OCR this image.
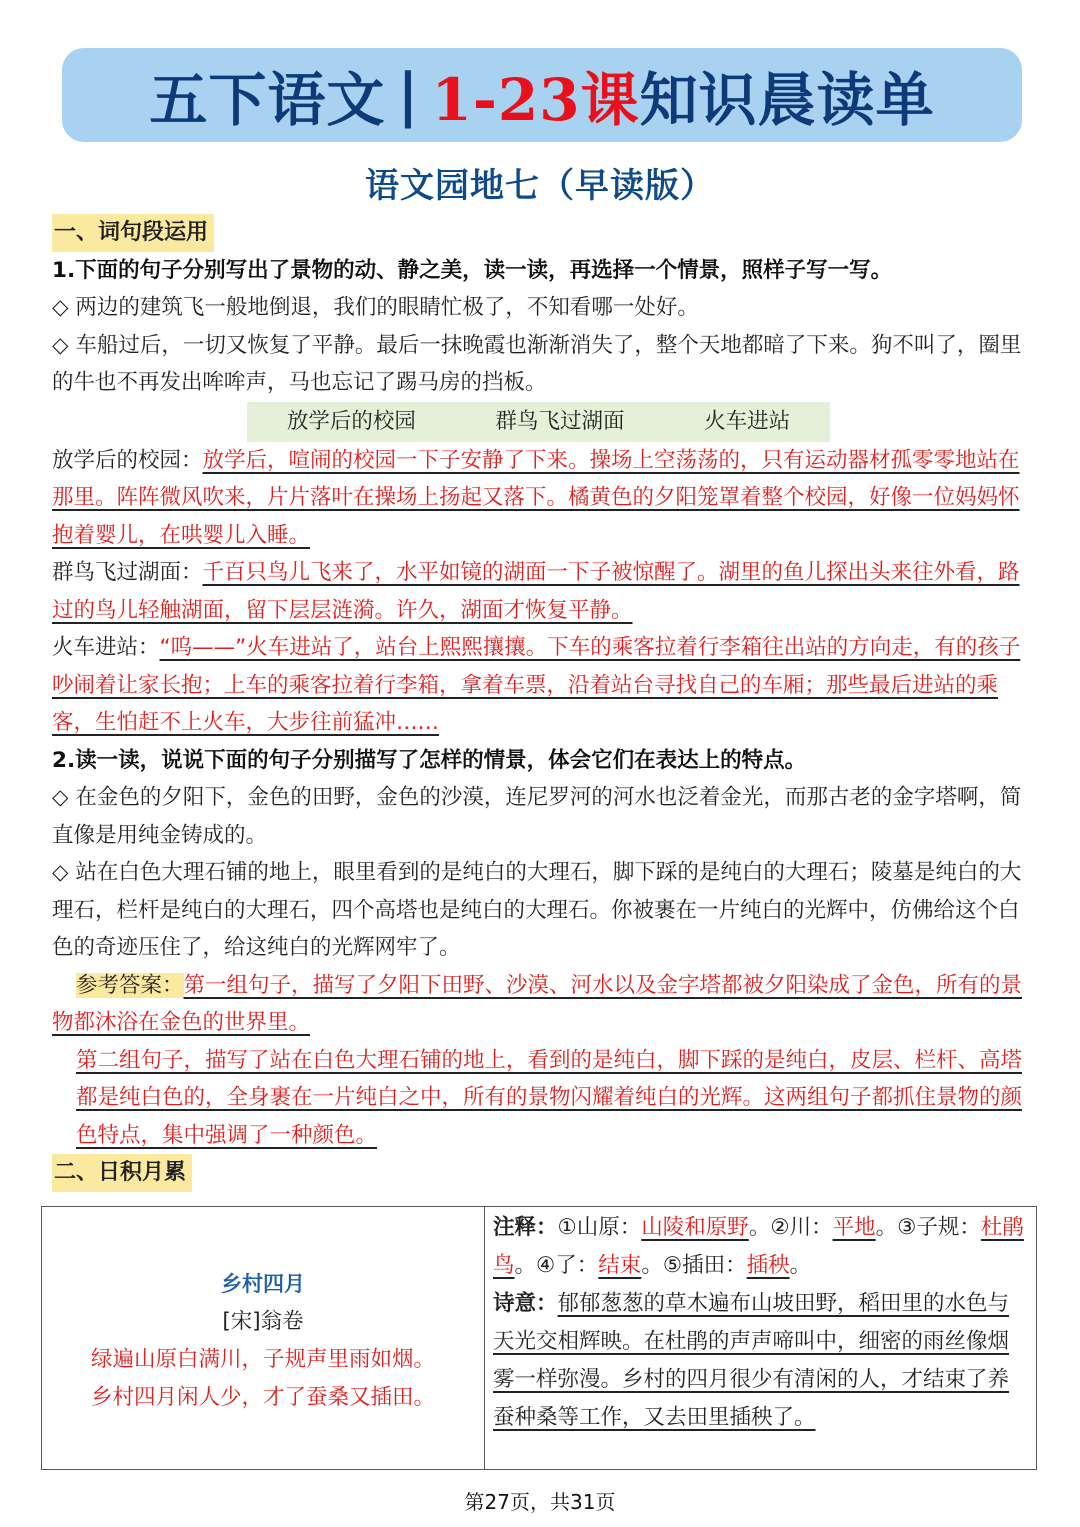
五下语文 | 1-23课 知识晨读单
语文园地七（早读版）
一、词句段运用
1.下面的句子分别写出了景物的动、静之美，读一读，再选择一个情景，照样子写一写。
◇ 两边的建筑飞一般地倒退，我们的眼睛忙极了，不知看哪一处好。
◇ 车船过后，一切又恢复了平静。最后一抹晚霞也渐渐消失了，整个天地都暗了下来。狗不叫了，圈里的牛也不再发出哞哞声，马也忘记了踢马房的挡板。
放学后的校园	群鸟飞过湖面	火车进站
放学后的校园：放学后，喧闹的校园一下子安静了下来。操场上空荡荡的，只有运动器材孤零零地站在那里。阵阵微风吹来，片片落叶在操场上扬起又落下。橘黄色的夕阳笼罩着整个校园，好像一位妈妈怀抱着婴儿，在哄婴儿入睡。
群鸟飞过湖面：千百只鸟儿飞来了，水平如镜的湖面一下子被惊醒了。湖里的鱼儿探出头来往外看，路过的鸟儿轻触湖面，留下层层涟漪。许久，湖面才恢复平静。
火车进站：“呜——”火车进站了，站台上熙熙攘攘。下车的乘客拉着行李箱往出站的方向走，有的孩子吵闹着让家长抱；上车的乘客拉着行李箱，拿着车票，沿着站台寻找自己的车厢；那些最后进站的乘客，生怕赶不上火车，大步往前猛冲……
2.读一读，说说下面的句子分别描写了怎样的情景，体会它们在表达上的特点。
◇ 在金色的夕阳下，金色的田野，金色的沙漠，连尼罗河的河水也泛着金光，而那古老的金字塔啊，简直像是用纯金铸成的。
◇ 站在白色大理石铺的地上，眼里看到的是纯白的大理石，脚下踩的是纯白的大理石；陵墓是纯白的大理石，栏杆是纯白的大理石，四个高塔也是纯白的大理石。你被裹在一片纯白的光辉中，仿佛给这个白色的奇迹压住了，给这纯白的光辉网牢了。
参考答案：第一组句子，描写了夕阳下田野、沙漠、河水以及金字塔都被夕阳染成了金色，所有的景物都沐浴在金色的世界里。
第二组句子，描写了站在白色大理石铺的地上，看到的是纯白，脚下踩的是纯白，皮层、栏杆、高塔都是纯白色的，全身裹在一片纯白之中，所有的景物闪耀着纯白的光辉。这两组句子都抓住景物的颜色特点，集中强调了一种颜色。
二、日积月累
乡村四月
[宋]翁卷
绿遍山原白满川，子规声里雨如烟。
乡村四月闲人少，才了蚕桑又插田。
注释：①山原：山陵和原野。②川：平地。③子规：杜鹃鸟。④了：结束。⑤插田：插秧。
诗意：郁郁葱葱的草木遍布山坡田野，稻田里的水色与天光交相辉映。在杜鹃的声声啼叫中，细密的雨丝像烟雾一样弥漫。乡村的四月很少有清闲的人，才结束了养蚕种桑等工作，又去田里插秧了。
第27页，共31页
